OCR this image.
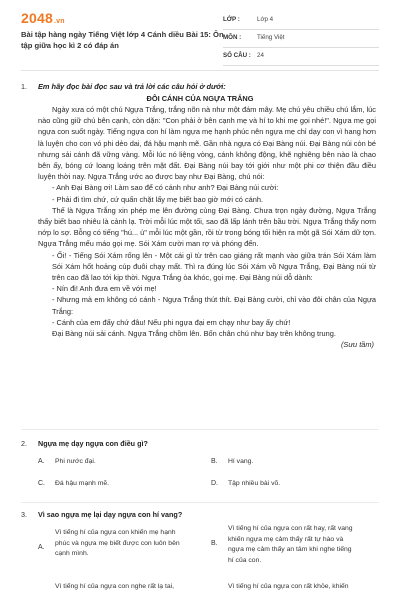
2048.vn
Bài tập hàng ngày Tiếng Việt lớp 4 Cánh diều Bài 15: Ôn tập giữa học kì 2 có đáp án
LỚP :	Lớp 4
MÔN :	Tiếng Việt
SỐ CÂU : 24
1. Em hãy đọc bài đọc sau và trả lời các câu hỏi ở dưới:
ĐÔI CÁNH CỦA NGỰA TRẮNG

Ngày xưa có một chú Ngựa Trắng, trắng nõn nà như một đám mây. Mẹ chú yêu chiều chú lắm, lúc nào cũng giữ chú bên cạnh, còn dặn: "Con phải ở bên cạnh mẹ và hí to khi mẹ gọi nhé!". Ngựa mẹ gọi ngựa con suốt ngày. Tiếng ngựa con hí làm ngựa mẹ hạnh phúc nên ngựa mẹ chỉ dạy con vì hang hơn là luyện cho con vó phi dẻo dai, đá hậu mạnh mẽ. Gần nhà ngựa có Đại Bàng núi. Đại Bàng núi còn bé nhưng sải cánh đã vững vàng. Mỗi lúc nó liệng vòng, cánh không động, khẽ nghiêng bên nào là chao bên ấy, bóng cứ loang loáng trên mặt đất. Đại Bàng núi bay tới giới như một phi cơ thiện đầu điều luyện thời nay. Ngựa Trắng ước ao được bay như Đại Bàng, chú nói:

- Anh Đại Bàng ơi! Làm sao để có cánh như anh? Đại Bàng núi cười:

- Phải đi tìm chứ, cứ quấn chặt lấy mẹ biết bao giờ mới có cánh.

Thế là Ngựa Trắng xin phép mẹ lên đường cùng Đại Bàng. Chưa trọn ngày đường, Ngựa Trắng thấy biết bao nhiêu là cảnh lạ. Trời mỗi lúc một tối, sao đã lấp lánh trên bầu trời. Ngựa Trắng thấy nơm nớp lo sợ. Bỗng có tiếng "hú... ú" mỗi lúc một gần, rồi từ trong bóng tối hiện ra một gã Sói Xám dữ tợn. Ngựa Trắng mếu máo gọi mẹ. Sói Xám cười man rợ và phóng đến.

- Ối! - Tiếng Sói Xám rống lên - Một cái gì từ trên cao giáng rất mạnh vào giữa trán Sói Xám làm Sói Xám hốt hoảng cúp đuôi chạy mất. Thì ra đúng lúc Sói Xám vồ Ngựa Trắng, Đại Bàng núi từ trên cao đã lao tới kịp thời. Ngựa Trắng òa khóc, gọi mẹ. Đại Bàng núi dỗ dành:

- Nín đi! Anh đưa em về với mẹ!

- Nhưng mà em không có cánh - Ngựa Trắng thút thít. Đại Bàng cười, chỉ vào đôi chân của Ngựa Trắng:

- Cánh của em đấy chứ đâu! Nếu phi ngựa đại em chạy như bay ấy chứ!

Đại Bàng núi sải cánh. Ngựa Trắng chồm lên. Bốn chân chú như bay trên không trung.

(Sưu tầm)

2. Ngựa mẹ dạy ngựa con điều gì?
A. Phi nước đại.	B. Hí vang.
C. Đá hậu mạnh mẽ.	D. Tập nhiều bài võ.
3. Vì sao ngựa mẹ lại dạy ngựa con hí vang?
A.
Vì tiếng hí của ngựa con khiến mẹ hạnh
phúc và ngựa mẹ biết được con luôn bên
cạnh mình.
B.
Vì tiếng hí của ngựa con rất hay, rất vang
khiến ngựa mẹ cảm thấy rất tự hào và
ngựa mẹ cảm thấy an tâm khi nghe tiếng
hí của con.
Vì tiếng hí của ngựa con nghe rất lạ tai,	Vì tiếng hí của ngựa con rất khỏe, khiến
